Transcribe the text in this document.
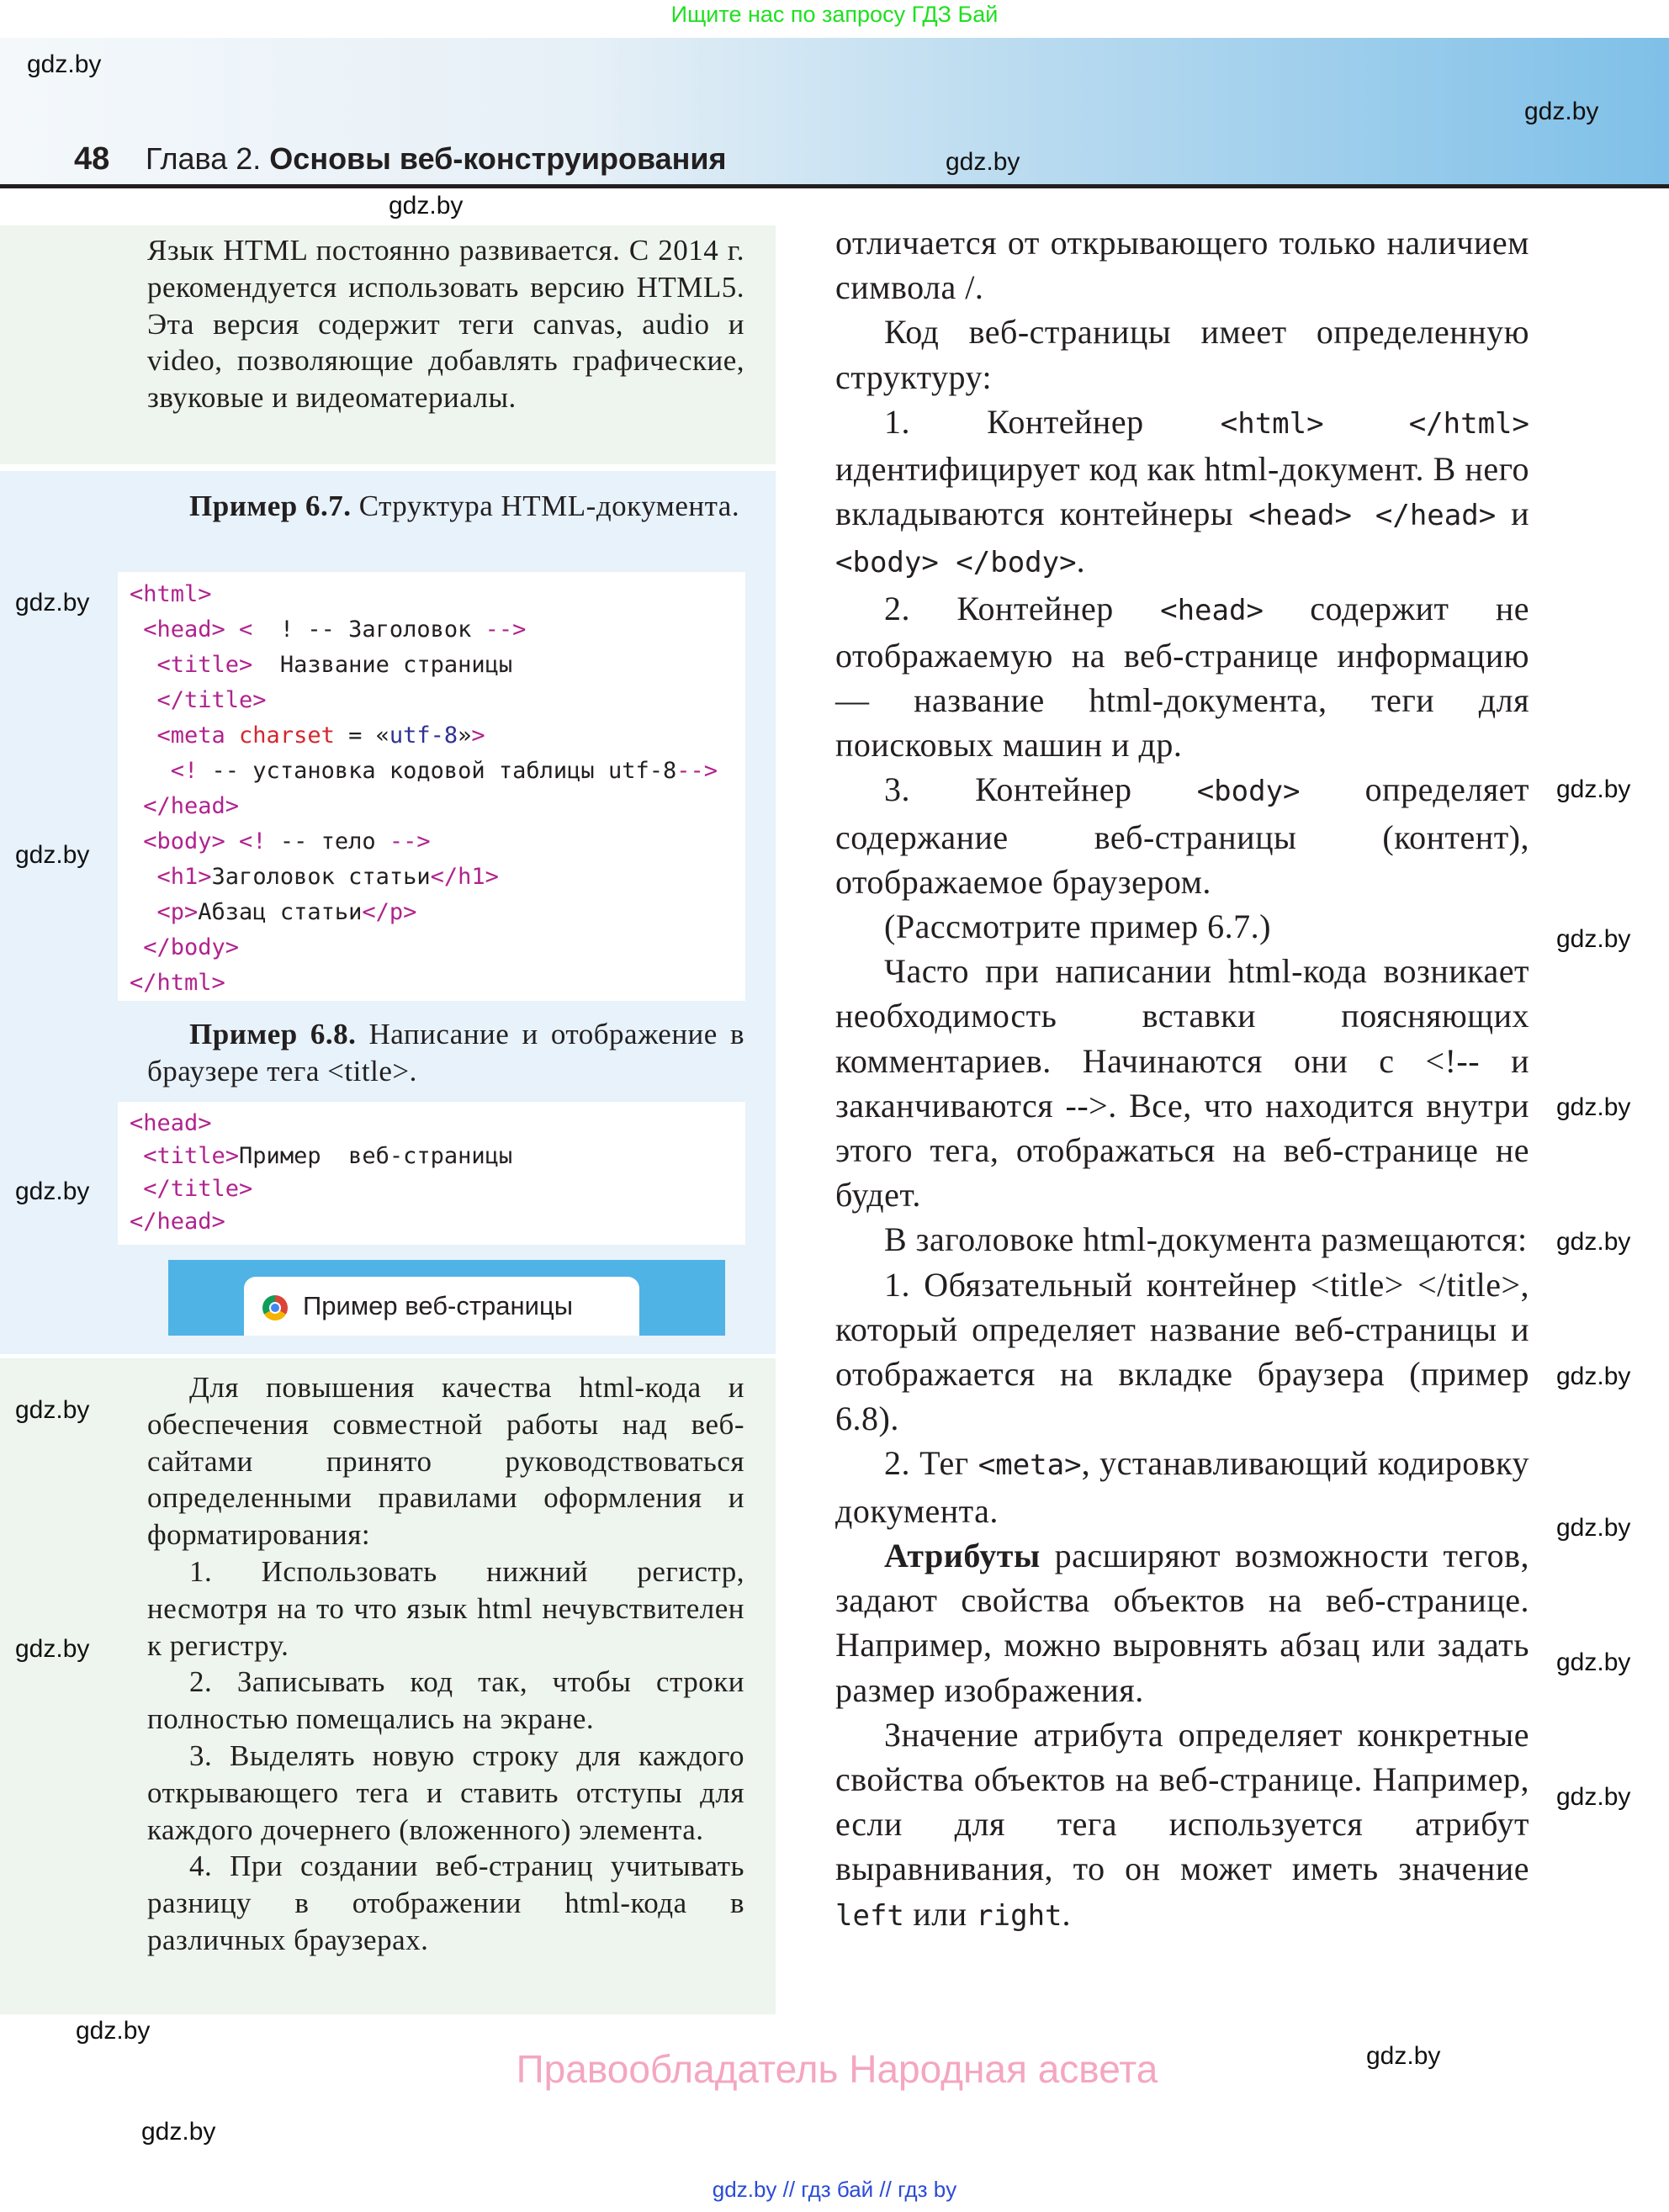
Ищите нас по запросу ГДЗ Бай
48 Глава 2. Основы веб-конструирования
Язык HTML постоянно развивается. С 2014 г. рекомендуется использовать версию HTML5. Эта версия содержит теги canvas, audio и video, позволяющие добавлять графические, звуковые и видеоматериалы.

Пример 6.7. Структура HTML-документа.

<html>
<head> <  ! -- Заголовок -->
<title>  Название страницы
</title>
<meta charset = «utf-8»>
<! -- установка кодовой таблицы utf-8-->
</head>
<body> <! -- тело -->
<h1>Заголовок статьи</h1>
<p>Абзац статьи</p>
</body>
</html>

Пример 6.8. Написание и отображение в браузере тега <title>.

<head>
<title>Пример  веб-страницы
</title>
</head>
Пример веб-страницы

Для повышения качества html-кода и обеспечения совместной работы над веб-сайтами принято руководствоваться определенными правилами оформления и форматирования:

1. Использовать нижний регистр, несмотря на то что язык html нечувствителен к регистру.

2. Записывать код так, чтобы строки полностью помещались на экране.

3. Выделять новую строку для каждого открывающего тега и ставить отступы для каждого дочернего (вложенного) элемента.

4. При создании веб-страниц учитывать разницу в отображении html-кода в различных браузерах.

отличается от открывающего только наличием символа /.

Код веб-страницы имеет определенную структуру:

1. Контейнер <html> </html> идентифицирует код как html-документ. В него вкладываются контейнеры <head> </head> и <body> </body>.

2. Контейнер <head> содержит не отображаемую на веб-странице информацию — название html-документа, теги для поисковых машин и др.

3. Контейнер <body> определяет содержание веб-страницы (контент), отображаемое браузером.

(Рассмотрите пример 6.7.)

Часто при написании html-кода возникает необходимость вставки поясняющих комментариев. Начинаются они с <!-- и заканчиваются -->. Все, что находится внутри этого тега, отображаться на веб-странице не будет.

В заголовоке html-документа размещаются:

1. Обязательный контейнер <title> </title>, который определяет название веб-страницы и отображается на вкладке браузера (пример 6.8).

2. Тег <meta>, устанавливающий кодировку документа.

Атрибуты расширяют возможности тегов, задают свойства объектов на веб-странице. Например, можно выровнять абзац или задать размер изображения.

Значение атрибута определяет конкретные свойства объектов на веб-странице. Например, если для тега используется атрибут выравнивания, то он может иметь значение left или right.

gdz.by
gdz.by
gdz.by
gdz.by
gdz.by
gdz.by
gdz.by
gdz.by
gdz.by
gdz.by
gdz.by
gdz.by
gdz.by
gdz.by
gdz.by
gdz.by
gdz.by
gdz.by
gdz.by
gdz.by
Правообладатель Народная асвета
gdz.by // гдз бай // гдз by
